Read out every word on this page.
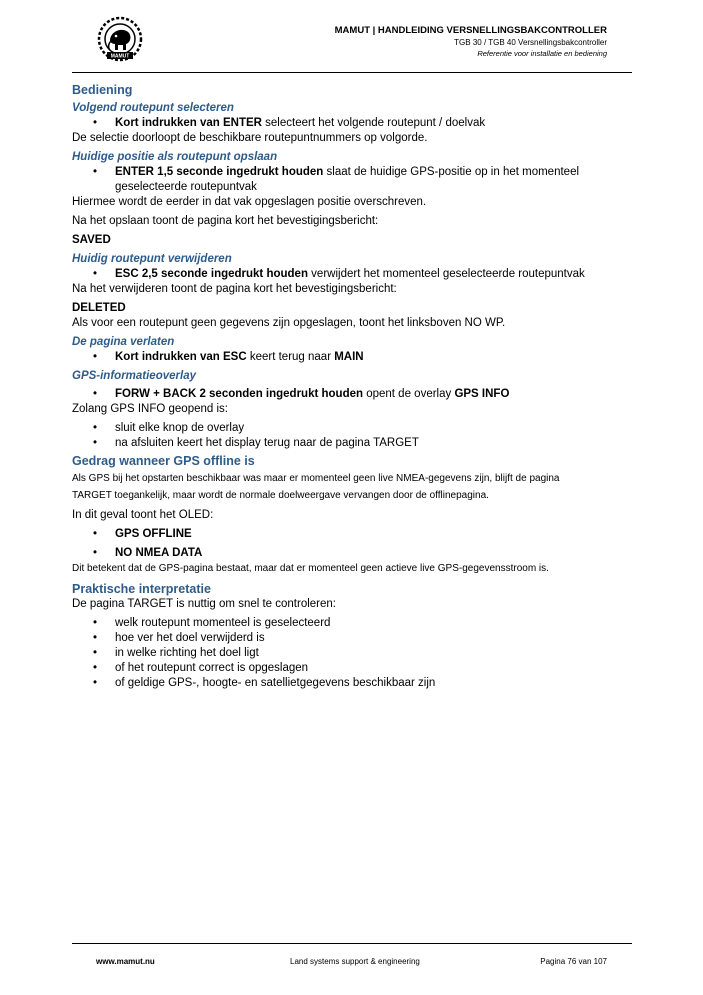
MAMUT
MAMUT | HANDLEIDING VERSNELLINGSBAKCONTROLLER
TGB 30 / TGB 40 Versnellingsbakcontroller
Referentie voor installatie en bediening

Bediening

Volgend routepunt selecteren

• Kort indrukken van ENTER selecteert het volgende routepunt / doelvak

De selectie doorloopt de beschikbare routepuntnummers op volgorde.

Huidige positie als routepunt opslaan

• ENTER 1,5 seconde ingedrukt houden slaat de huidige GPS-positie op in het momenteel geselecteerde routepuntvak

Hiermee wordt de eerder in dat vak opgeslagen positie overschreven.

Na het opslaan toont de pagina kort het bevestigingsbericht:

SAVED

Huidig routepunt verwijderen

• ESC 2,5 seconde ingedrukt houden verwijdert het momenteel geselecteerde routepuntvak

Na het verwijderen toont de pagina kort het bevestigingsbericht:

DELETED

Als voor een routepunt geen gegevens zijn opgeslagen, toont het linksboven NO WP.

De pagina verlaten

• Kort indrukken van ESC keert terug naar MAIN

GPS-informatieoverlay

• FORW + BACK 2 seconden ingedrukt houden opent de overlay GPS INFO

Zolang GPS INFO geopend is:

• sluit elke knop de overlay
• na afsluiten keert het display terug naar de pagina TARGET

Gedrag wanneer GPS offline is

Als GPS bij het opstarten beschikbaar was maar er momenteel geen live NMEA-gegevens zijn, blijft de pagina

TARGET toegankelijk, maar wordt de normale doelweergave vervangen door de offlinepagina.

In dit geval toont het OLED:

• GPS OFFLINE
• NO NMEA DATA

Dit betekent dat de GPS-pagina bestaat, maar dat er momenteel geen actieve live GPS-gegevensstroom is.

Praktische interpretatie

De pagina TARGET is nuttig om snel te controleren:

• welk routepunt momenteel is geselecteerd
• hoe ver het doel verwijderd is
• in welke richting het doel ligt
• of het routepunt correct is opgeslagen
• of geldige GPS-, hoogte- en satellietgegevens beschikbaar zijn
www.mamut.nu	Land systems support & engineering	Pagina 76 van 107
